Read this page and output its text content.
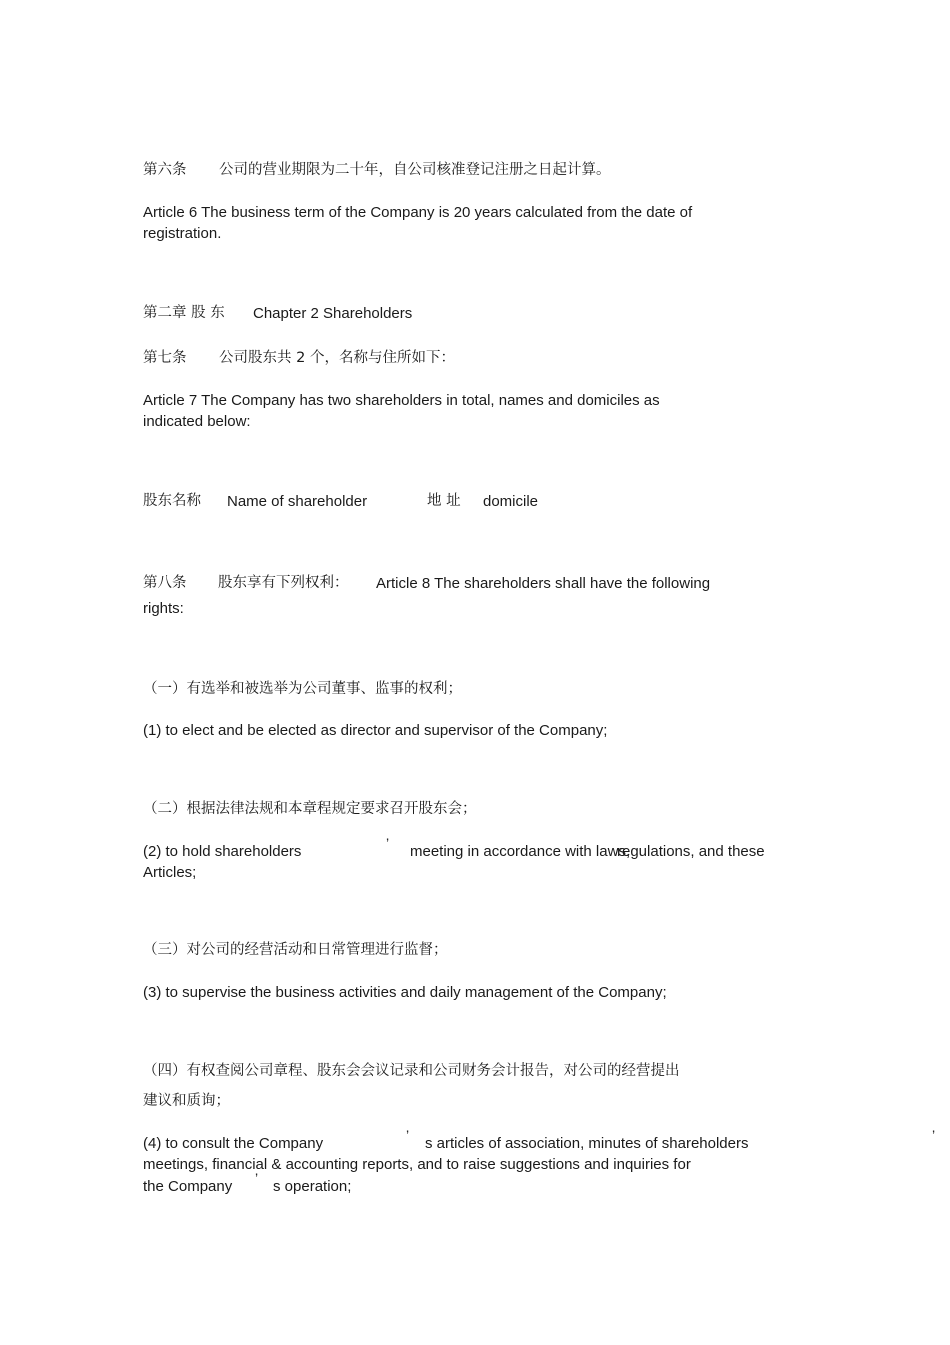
第六条 公司的营业期限为二十年，自公司核准登记注册之日起计算。
Article 6 The business term of the Company is 20 years calculated from the date of
registration.
第二章 股 东 Chapter 2 Shareholders
第七条 公司股东共 2 个，名称与住所如下：
Article 7 The Company has two shareholders in total, names and domiciles as
indicated below:
股东名称 Name of shareholder	地 址 domicile
第八条 股东享有下列权利： Article 8 The shareholders shall have the following
rights:
（一）有选举和被选举为公司董事、监事的权利；
(1) to elect and be elected as director and supervisor of the Company;
（二）根据法律法规和本章程规定要求召开股东会；
(2) to hold shareholders	’ meeting in accordance with laws,
regulations, and these
Articles;
（三）对公司的经营活动和日常管理进行监督；
(3) to supervise the business activities and daily management of the Company;
（四）有权查阅公司章程、股东会会议记录和公司财务会计报告，对公司的经营提出
建议和质询；
(4) to consult the Company	’ s articles of association, minutes of shareholders	’
meetings, financial & accounting reports, and to raise suggestions and inquiries for
the Company ’ s operation;
